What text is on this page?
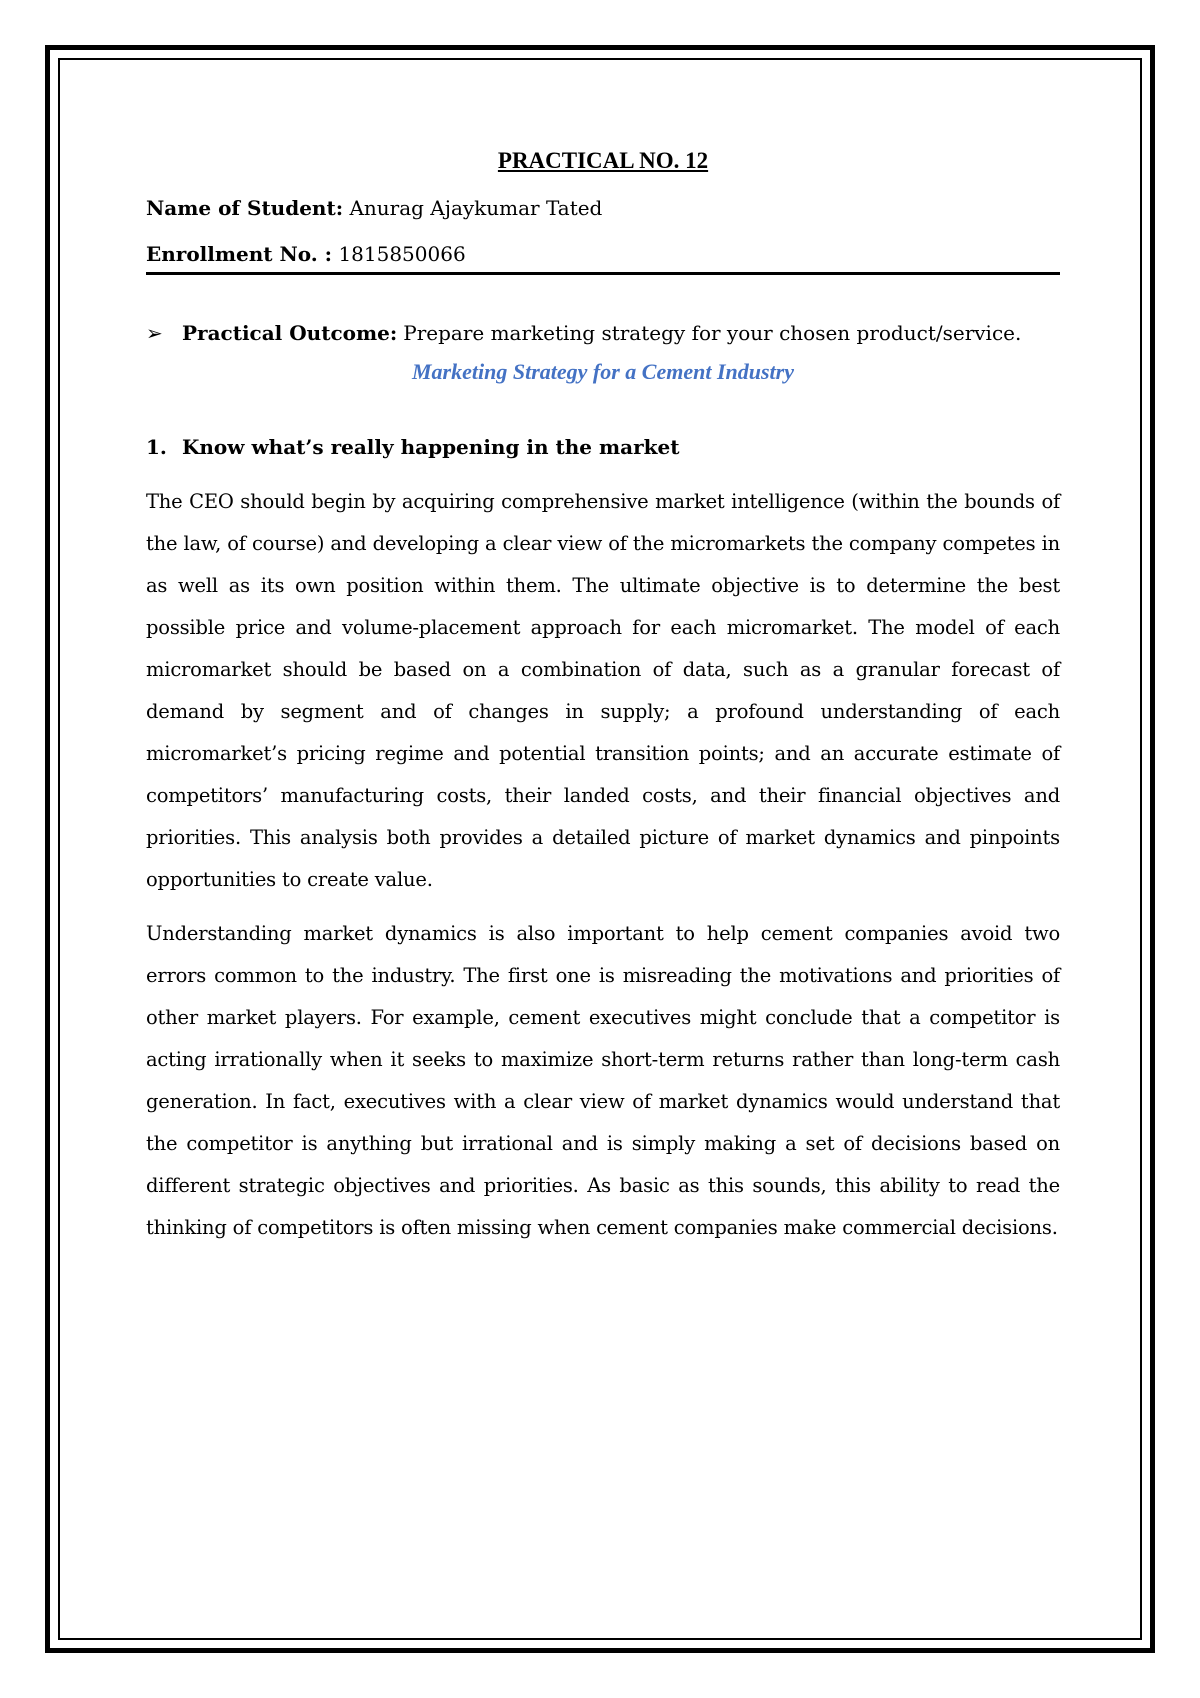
PRACTICAL NO. 12
Name of Student: Anurag Ajaykumar Tated
Enrollment No. : 1815850066
➢ Practical Outcome: Prepare marketing strategy for your chosen product/service.
Marketing Strategy for a Cement Industry
1. Know what’s really happening in the market

The CEO should begin by acquiring comprehensive market intelligence (within the bounds of the law, of course) and developing a clear view of the micromarkets the company competes in as well as its own position within them. The ultimate objective is to determine the best possible price and volume-placement approach for each micromarket. The model of each micromarket should be based on a combination of data, such as a granular forecast of demand by segment and of changes in supply; a profound understanding of each micromarket’s pricing regime and potential transition points; and an accurate estimate of competitors’ manufacturing costs, their landed costs, and their financial objectives and priorities. This analysis both provides a detailed picture of market dynamics and pinpoints opportunities to create value.

Understanding market dynamics is also important to help cement companies avoid two errors common to the industry. The first one is misreading the motivations and priorities of other market players. For example, cement executives might conclude that a competitor is acting irrationally when it seeks to maximize short-term returns rather than long-term cash generation. In fact, executives with a clear view of market dynamics would understand that the competitor is anything but irrational and is simply making a set of decisions based on different strategic objectives and priorities. As basic as this sounds, this ability to read the thinking of competitors is often missing when cement companies make commercial decisions.
